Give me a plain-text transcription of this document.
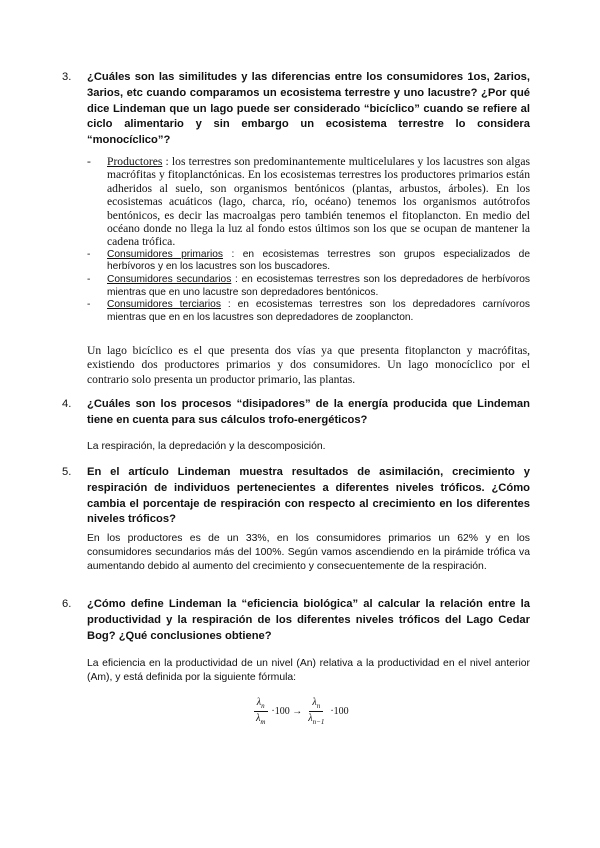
3.	¿Cuáles son las similitudes y las diferencias entre los consumidores 1os, 2arios, 3arios, etc cuando comparamos un ecosistema terrestre y uno lacustre? ¿Por qué dice Lindeman que un lago puede ser considerado “bicíclico” cuando se refiere al ciclo alimentario y sin embargo un ecosistema terrestre lo considera “monocíclico”?
- Productores : los terrestres son predominantemente multicelulares y los lacustres son algas macrófitas y fitoplanctónicas. En los ecosistemas terrestres los productores primarios están adheridos al suelo, son organismos bentónicos (plantas, arbustos, árboles). En los ecosistemas acuáticos (lago, charca, río, océano) tenemos los organismos autótrofos bentónicos, es decir las macroalgas pero también tenemos el fitoplancton. En medio del océano donde no llega la luz al fondo estos últimos son los que se ocupan de mantener la cadena trófica.
- Consumidores primarios : en ecosistemas terrestres son grupos especializados de herbívoros y en los lacustres son los buscadores.
- Consumidores secundarios : en ecosistemas terrestres son los depredadores de herbívoros mientras que en uno lacustre son depredadores bentónicos.
- Consumidores terciarios : en ecosistemas terrestres son los depredadores carnívoros mientras que en en los lacustres son depredadores de zooplancton.
Un lago bicíclico es el que presenta dos vías ya que presenta fitoplancton y macrófitas, existiendo dos productores primarios y dos consumidores. Un lago monocíclico por el contrario solo presenta un productor primario, las plantas.
4.	¿Cuáles son los procesos “disipadores” de la energía producida que Lindeman tiene en cuenta para sus cálculos trofo-energéticos?
La respiración, la depredación y la descomposición.
5.	En el artículo Lindeman muestra resultados de asimilación, crecimiento y respiración de individuos pertenecientes a diferentes niveles tróficos. ¿Cómo cambia el porcentaje de respiración con respecto al crecimiento en los diferentes niveles tróficos?
En los productores es de un 33%, en los consumidores primarios un 62% y en los consumidores secundarios más del 100%. Según vamos ascendiendo en la pirámide trófica va aumentando debido al aumento del crecimiento y consecuentemente de la respiración.
6.	¿Cómo define Lindeman la “eficiencia biológica” al calcular la relación entre la productividad y la respiración de los diferentes niveles tróficos del Lago Cedar Bog? ¿Qué conclusiones obtiene?
La eficiencia en la productividad de un nivel (An) relativa a la productividad en el nivel anterior (Am), y está definida por la siguiente fórmula:
$\frac{\lambda_n}{\lambda_m} \cdot 100 \to \frac{\lambda_n}{\lambda_{n-1}} \cdot 100$
